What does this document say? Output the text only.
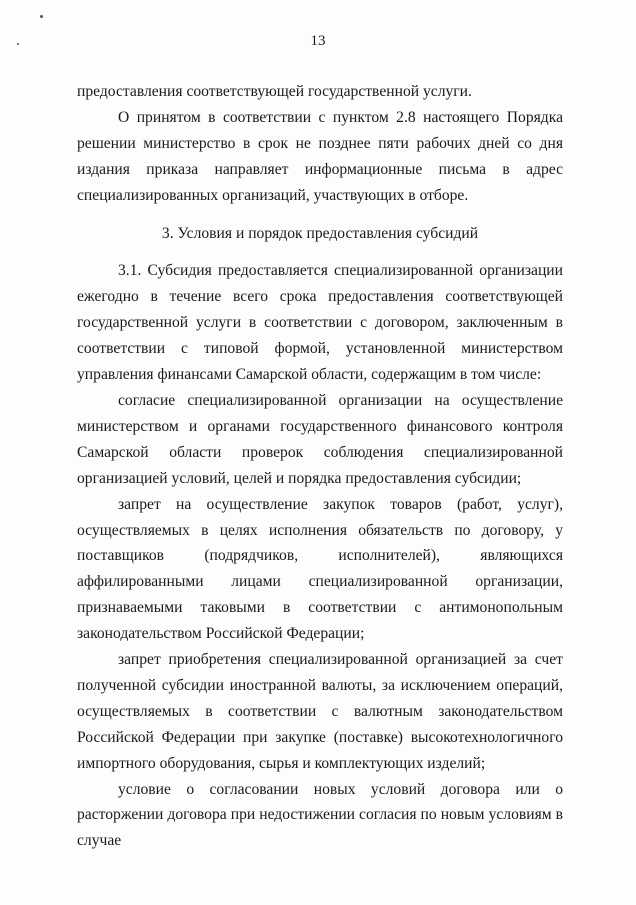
13

предоставления соответствующей государственной услуги.

О принятом в соответствии с пунктом 2.8 настоящего Порядка решении министерство в срок не позднее пяти рабочих дней со дня издания приказа направляет информационные письма в адрес специализированных организаций, участвующих в отборе.

3. Условия и порядок предоставления субсидий

3.1. Субсидия предоставляется специализированной организации ежегодно в течение всего срока предоставления соответствующей государственной услуги в соответствии с договором, заключенным в соответствии с типовой формой, установленной министерством управления финансами Самарской области, содержащим в том числе:

согласие специализированной организации на осуществление министерством и органами государственного финансового контроля Самарской области проверок соблюдения специализированной организацией условий, целей и порядка предоставления субсидии;

запрет на осуществление закупок товаров (работ, услуг), осуществляемых в целях исполнения обязательств по договору, у поставщиков (подрядчиков, исполнителей), являющихся аффилированными лицами специализированной организации, признаваемыми таковыми в соответствии с антимонопольным законодательством Российской Федерации;

запрет приобретения специализированной организацией за счет полученной субсидии иностранной валюты, за исключением операций, осуществляемых в соответствии с валютным законодательством Российской Федерации при закупке (поставке) высокотехнологичного импортного оборудования, сырья и комплектующих изделий;

условие о согласовании новых условий договора или о расторжении договора при недостижении согласия по новым условиям в случае
